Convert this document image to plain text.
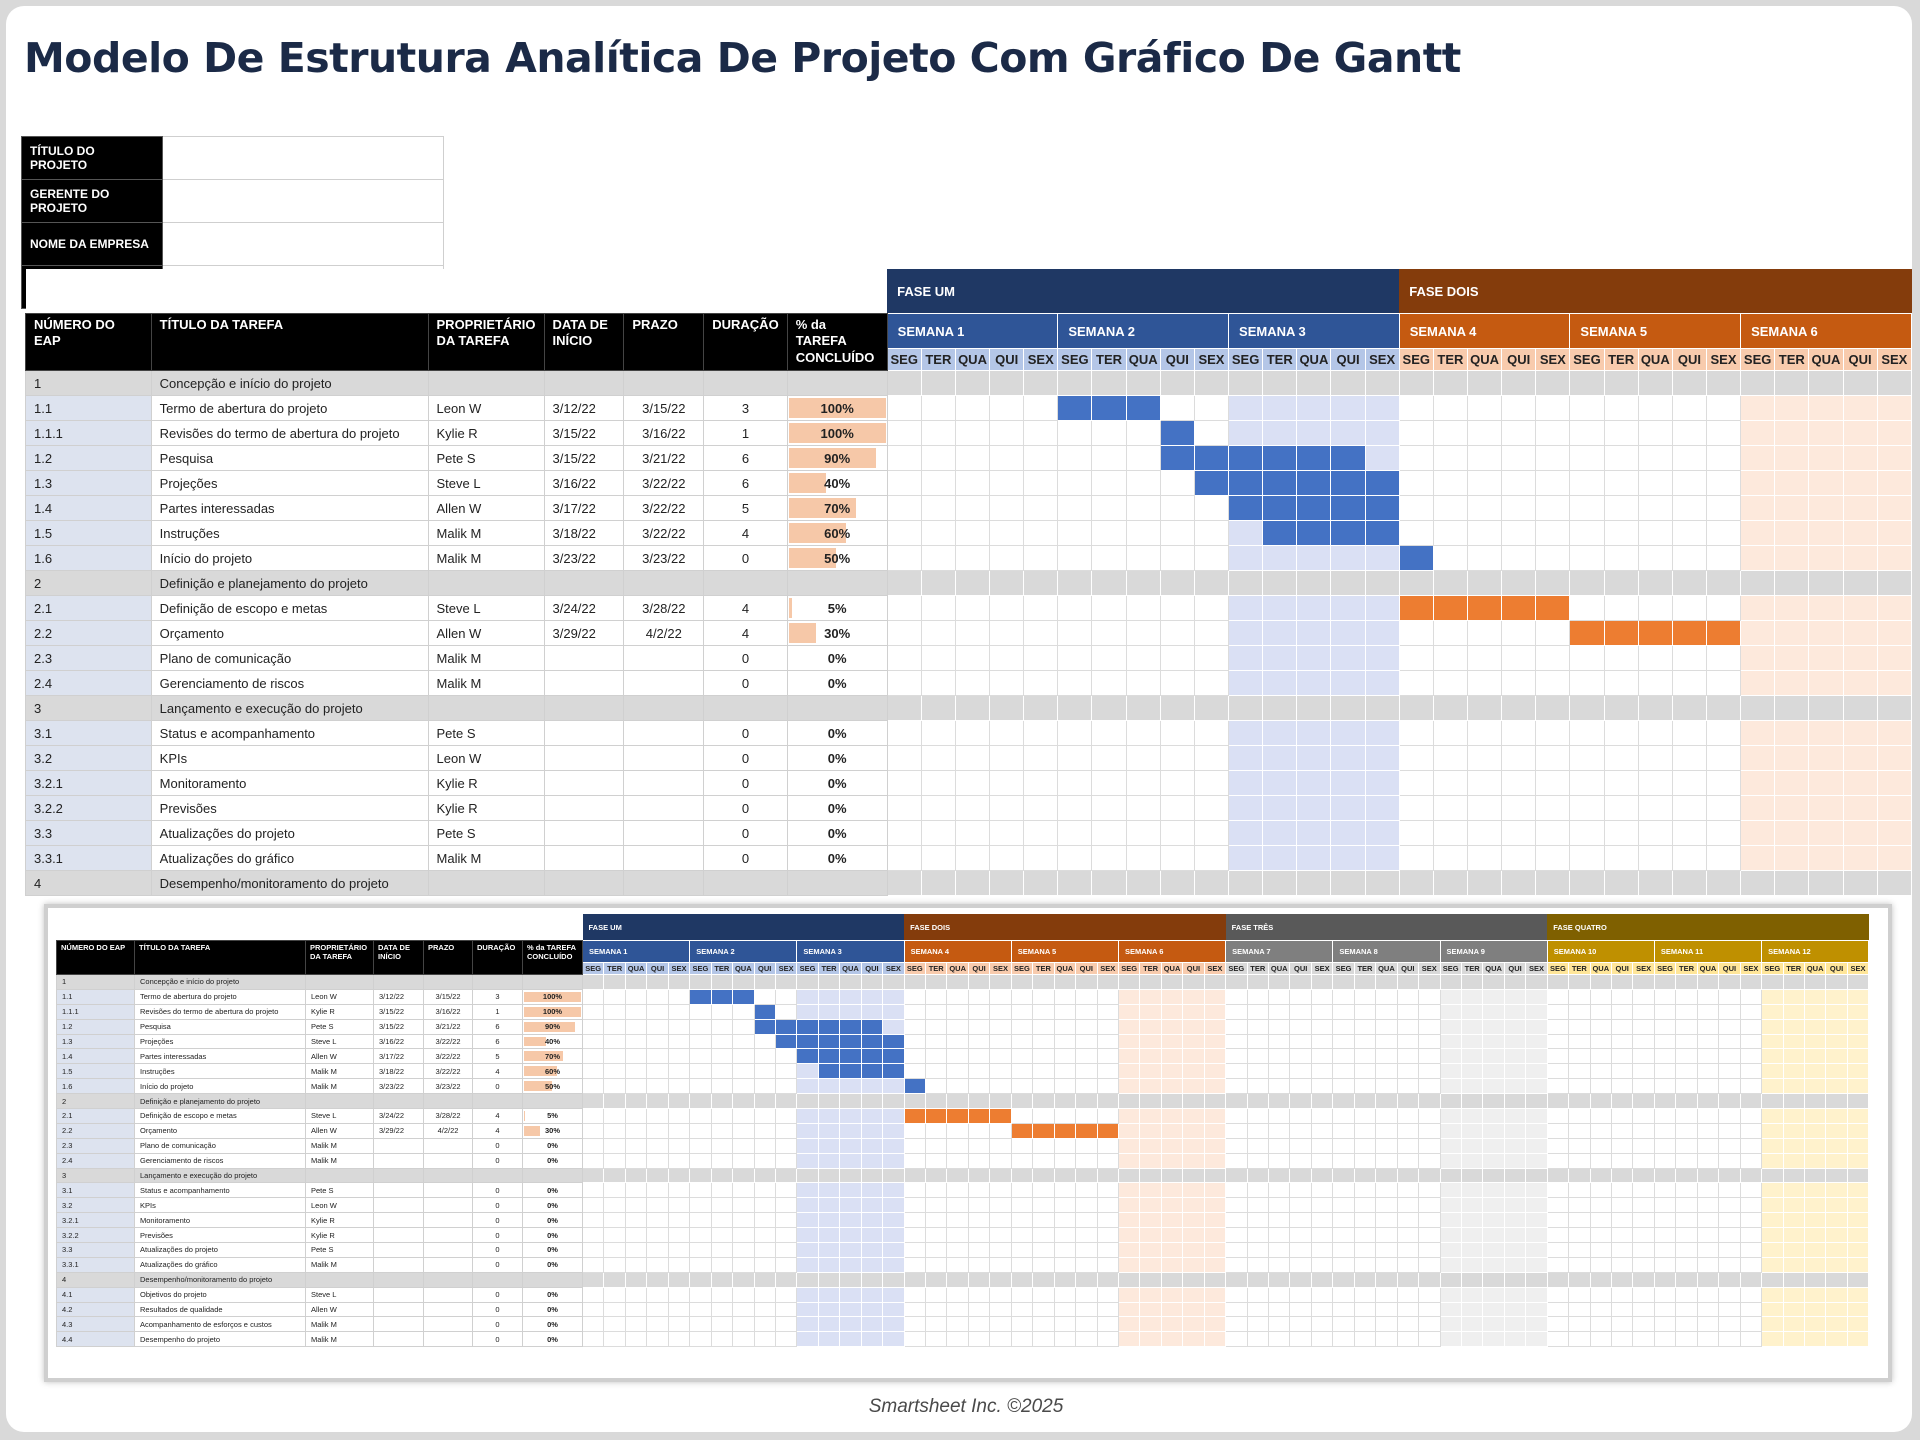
Modelo De Estrutura Analítica De Projeto Com Gráfico De Gantt
TÍTULO DO PROJETO	
GERENTE DO PROJETO	
NOME DA EMPRESA	

							FASE UM															FASE DOIS														
NÚMERO DO EAP	TÍTULO DA TAREFA	PROPRIETÁRIO DA TAREFA	DATA DE INÍCIO	PRAZO	DURAÇÃO	% da TAREFA CONCLUÍDO	SEMANA 1					SEMANA 2					SEMANA 3					SEMANA 4					SEMANA 5					SEMANA 6				
							SEG	TER	QUA	QUI	SEX	SEG	TER	QUA	QUI	SEX	SEG	TER	QUA	QUI	SEX	SEG	TER	QUA	QUI	SEX	SEG	TER	QUA	QUI	SEX	SEG	TER	QUA	QUI	SEX
1	Concepção e início do projeto																																			
1.1	Termo de abertura do projeto	Leon W	3/12/22	3/15/22	3	100%																														
1.1.1	Revisões do termo de abertura do projeto	Kylie R	3/15/22	3/16/22	1	100%																														
1.2	Pesquisa	Pete S	3/15/22	3/21/22	6	90%																														
1.3	Projeções	Steve L	3/16/22	3/22/22	6	40%																														
1.4	Partes interessadas	Allen W	3/17/22	3/22/22	5	70%																														
1.5	Instruções	Malik M	3/18/22	3/22/22	4	60%																														
1.6	Início do projeto	Malik M	3/23/22	3/23/22	0	50%																														
2	Definição e planejamento do projeto																																			
2.1	Definição de escopo e metas	Steve L	3/24/22	3/28/22	4	5%																														
2.2	Orçamento	Allen W	3/29/22	4/2/22	4	30%																														
2.3	Plano de comunicação	Malik M			0	0%																														
2.4	Gerenciamento de riscos	Malik M			0	0%																														
3	Lançamento e execução do projeto																																			
3.1	Status e acompanhamento	Pete S			0	0%																														
3.2	KPIs	Leon W			0	0%																														
3.2.1	Monitoramento	Kylie R			0	0%																														
3.2.2	Previsões	Kylie R			0	0%																														
3.3	Atualizações do projeto	Pete S			0	0%																														
3.3.1	Atualizações do gráfico	Malik M			0	0%																														
4	Desempenho/monitoramento do projeto																																			
	FASE UM	FASE DOIS	FASE TRÊS	FASE QUATRO
NÚMERO DO EAP	TÍTULO DA TAREFA	PROPRIETÁRIO DA TAREFA	DATA DE INÍCIO	PRAZO	DURAÇÃO	% da TAREFA CONCLUÍDO	SEMANA 1	SEMANA 2	SEMANA 3	SEMANA 4	SEMANA 5	SEMANA 6	SEMANA 7	SEMANA 8	SEMANA 9	SEMANA 10	SEMANA 11	SEMANA 12
SEG	TER	QUA	QUI	SEX	SEG	TER	QUA	QUI	SEX	SEG	TER	QUA	QUI	SEX	SEG	TER	QUA	QUI	SEX	SEG	TER	QUA	QUI	SEX	SEG	TER	QUA	QUI	SEX	SEG	TER	QUA	QUI	SEX	SEG	TER	QUA	QUI	SEX	SEG	TER	QUA	QUI	SEX	SEG	TER	QUA	QUI	SEX	SEG	TER	QUA	QUI	SEX	SEG	TER	QUA	QUI	SEX
1	Concepção e início do projeto																																																																	
1.1	Termo de abertura do projeto	Leon W	3/12/22	3/15/22	3	100%																																																												
1.1.1	Revisões do termo de abertura do projeto	Kylie R	3/15/22	3/16/22	1	100%																																																												
1.2	Pesquisa	Pete S	3/15/22	3/21/22	6	90%																																																												
1.3	Projeções	Steve L	3/16/22	3/22/22	6	40%																																																												
1.4	Partes interessadas	Allen W	3/17/22	3/22/22	5	70%																																																												
1.5	Instruções	Malik M	3/18/22	3/22/22	4	60%																																																												
1.6	Início do projeto	Malik M	3/23/22	3/23/22	0	50%																																																												
2	Definição e planejamento do projeto																																																																	
2.1	Definição de escopo e metas	Steve L	3/24/22	3/28/22	4	5%																																																												
2.2	Orçamento	Allen W	3/29/22	4/2/22	4	30%																																																												
2.3	Plano de comunicação	Malik M			0	0%																																																												
2.4	Gerenciamento de riscos	Malik M			0	0%																																																												
3	Lançamento e execução do projeto																																																																	
3.1	Status e acompanhamento	Pete S			0	0%																																																												
3.2	KPIs	Leon W			0	0%																																																												
3.2.1	Monitoramento	Kylie R			0	0%																																																												
3.2.2	Previsões	Kylie R			0	0%																																																												
3.3	Atualizações do projeto	Pete S			0	0%																																																												
3.3.1	Atualizações do gráfico	Malik M			0	0%																																																												
4	Desempenho/monitoramento do projeto																																																																	
4.1	Objetivos do projeto	Steve L			0	0%																																																												
4.2	Resultados de qualidade	Allen W			0	0%																																																												
4.3	Acompanhamento de esforços e custos	Malik M			0	0%																																																												
4.4	Desempenho do projeto	Malik M			0	0%																																																												
Smartsheet Inc. ©2025
